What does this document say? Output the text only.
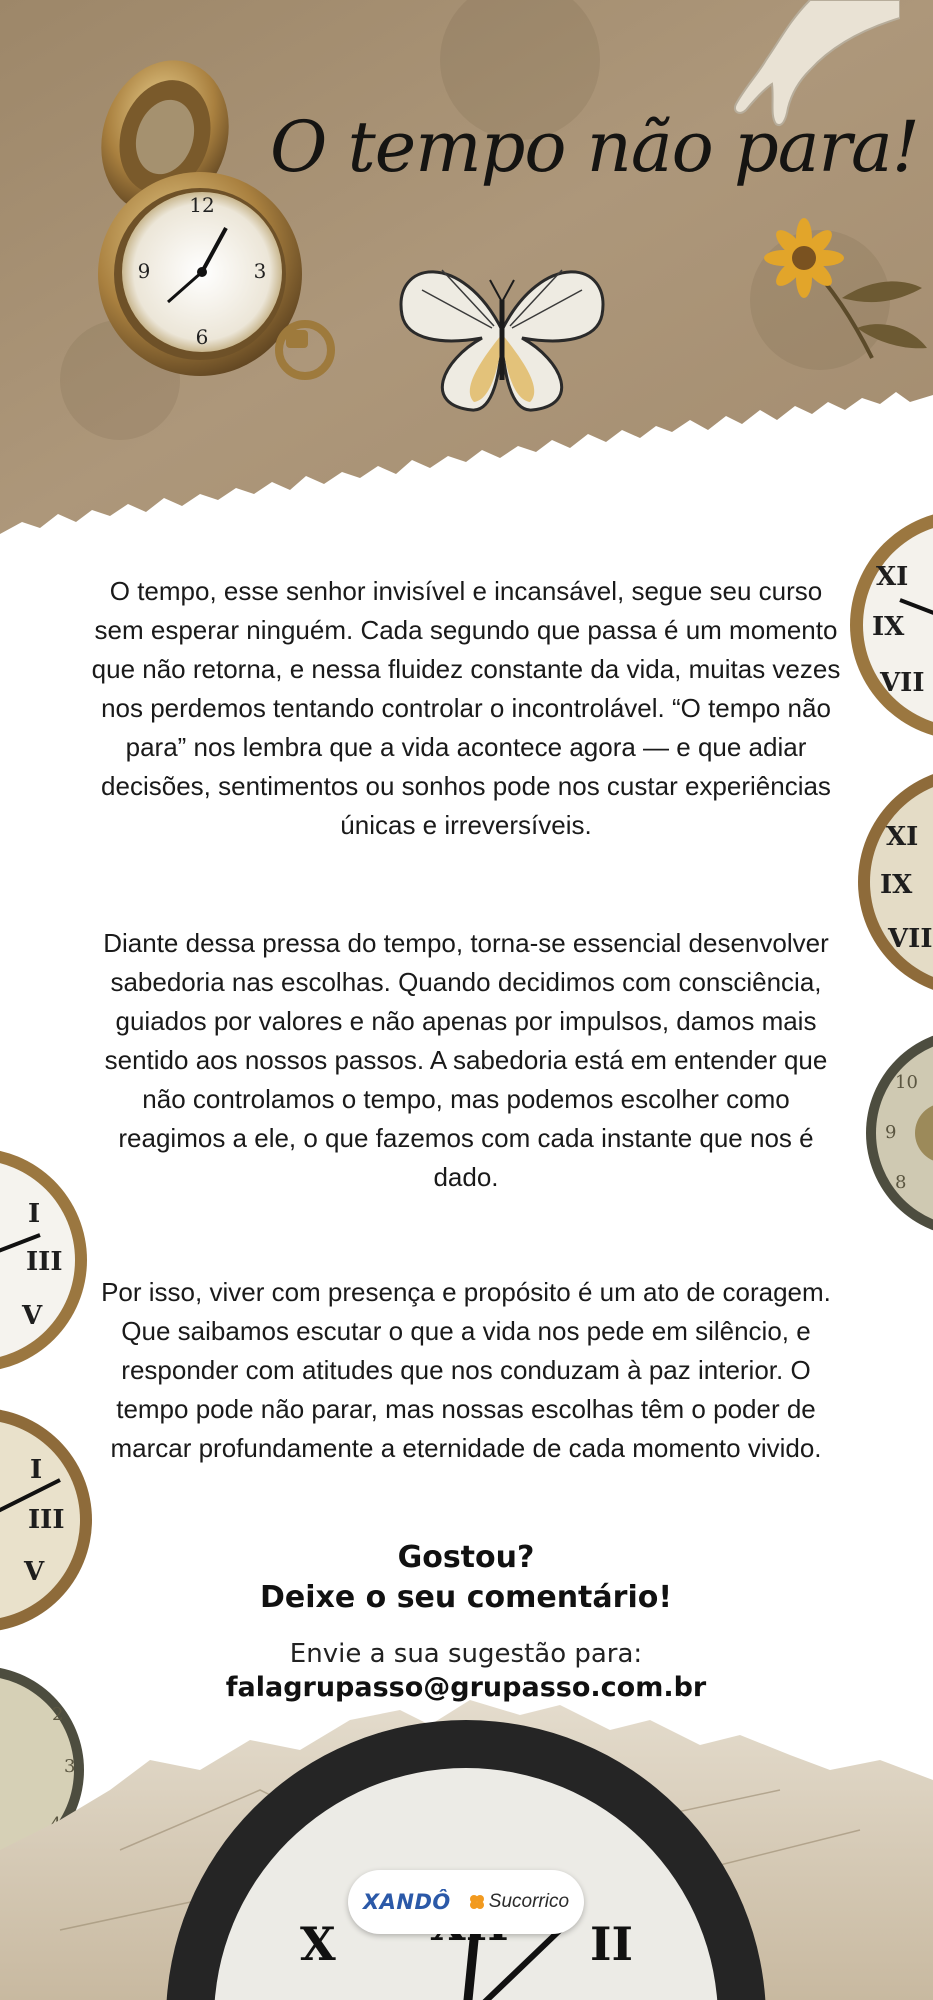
12
3
6
9
O tempo não para!
XI
IX
VII
XI
IX
VII
10
9
8
I
III
V
I
III
V
2
3

O tempo, esse senhor invisível e incansável, segue seu curso sem esperar ninguém. Cada segundo que passa é um momento que não retorna, e nessa fluidez constante da vida, muitas vezes nos perdemos tentando controlar o incontrolável. “O tempo não para” nos lembra que a vida acontece agora — e que adiar decisões, sentimentos ou sonhos pode nos custar experiências únicas e irreversíveis.

Diante dessa pressa do tempo, torna-se essencial desenvolver sabedoria nas escolhas. Quando decidimos com consciência, guiados por valores e não apenas por impulsos, damos mais sentido aos nossos passos. A sabedoria está em entender que não controlamos o tempo, mas podemos escolher como reagimos a ele, o que fazemos com cada instante que nos é dado.

Por isso, viver com presença e propósito é um ato de coragem. Que saibamos escutar o que a vida nos pede em silêncio, e responder com atitudes que nos conduzam à paz interior. O tempo pode não parar, mas nossas escolhas têm o poder de marcar profundamente a eternidade de cada momento vivido.

Gostou?
Deixe o seu comentário!

Envie a sua sugestão para:

falagrupasso@grupasso.com.br

X	II
XANDÔ Sucorrico
